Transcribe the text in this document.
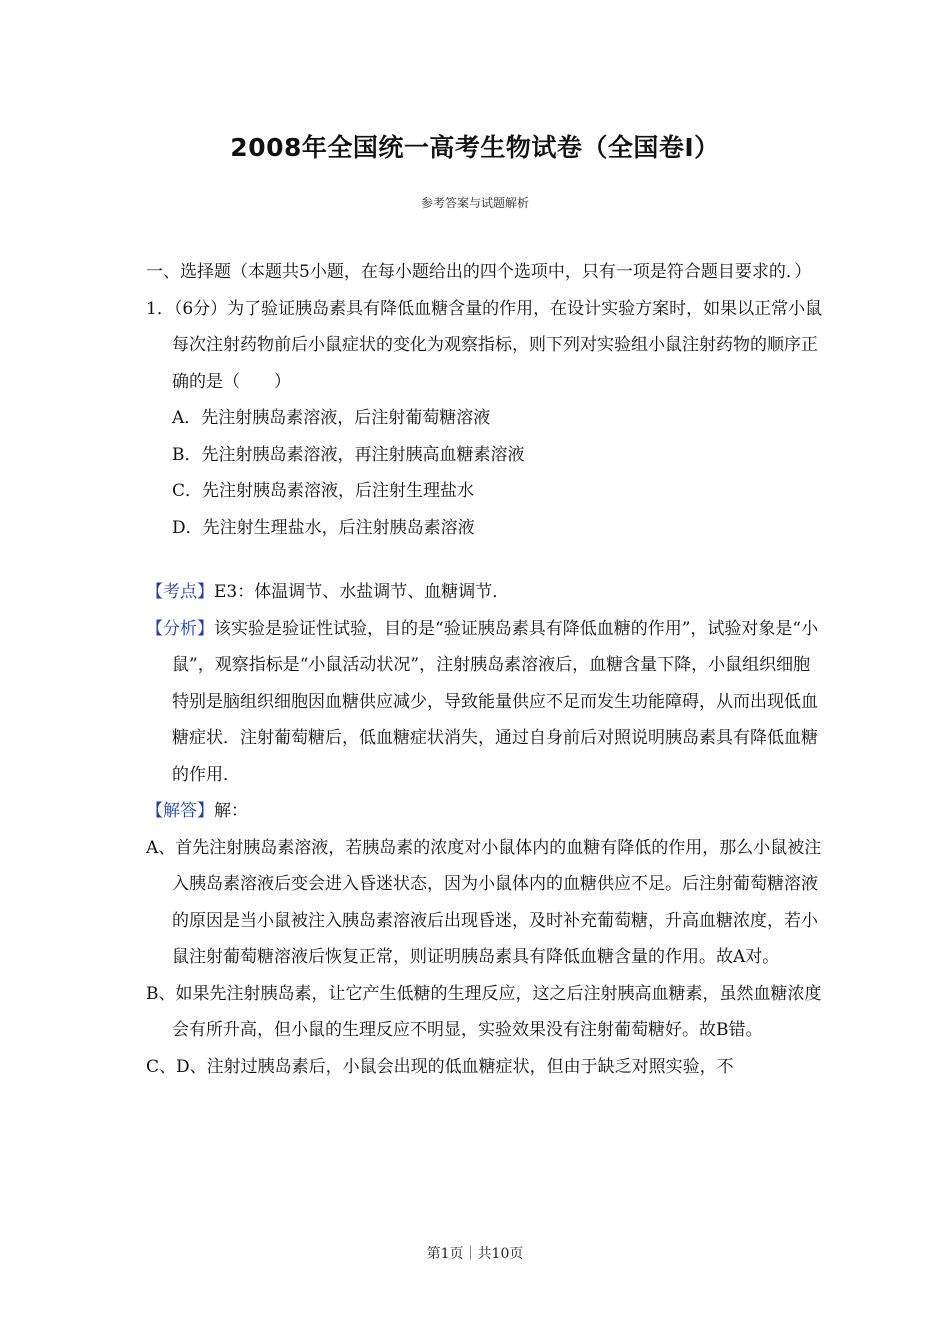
2008年全国统一高考生物试卷（全国卷Ⅰ）
参考答案与试题解析

一、选择题（本题共5小题，在每小题给出的四个选项中，只有一项是符合题目要求的．）

1．（6分）为了验证胰岛素具有降低血糖含量的作用，在设计实验方案时，如果以正常小鼠每次注射药物前后小鼠症状的变化为观察指标，则下列对实验组小鼠注射药物的顺序正确的是（　　）

A．先注射胰岛素溶液，后注射葡萄糖溶液

B．先注射胰岛素溶液，再注射胰高血糖素溶液

C．先注射胰岛素溶液，后注射生理盐水

D．先注射生理盐水，后注射胰岛素溶液

【考点】E3：体温调节、水盐调节、血糖调节．

【分析】该实验是验证性试验，目的是“验证胰岛素具有降低血糖的作用”，试验对象是“小鼠”，观察指标是“小鼠活动状况”，注射胰岛素溶液后，血糖含量下降，小鼠组织细胞特别是脑组织细胞因血糖供应减少，导致能量供应不足而发生功能障碍，从而出现低血糖症状．注射葡萄糖后，低血糖症状消失，通过自身前后对照说明胰岛素具有降低血糖的作用．

【解答】解：

A、首先注射胰岛素溶液，若胰岛素的浓度对小鼠体内的血糖有降低的作用，那么小鼠被注入胰岛素溶液后变会进入昏迷状态，因为小鼠体内的血糖供应不足。后注射葡萄糖溶液的原因是当小鼠被注入胰岛素溶液后出现昏迷，及时补充葡萄糖，升高血糖浓度，若小鼠注射葡萄糖溶液后恢复正常，则证明胰岛素具有降低血糖含量的作用。故A对。

B、如果先注射胰岛素，让它产生低糖的生理反应，这之后注射胰高血糖素，虽然血糖浓度会有所升高，但小鼠的生理反应不明显，实验效果没有注射葡萄糖好。故B错。

C、D、注射过胰岛素后，小鼠会出现的低血糖症状，但由于缺乏对照实验，不

第1页｜共10页
